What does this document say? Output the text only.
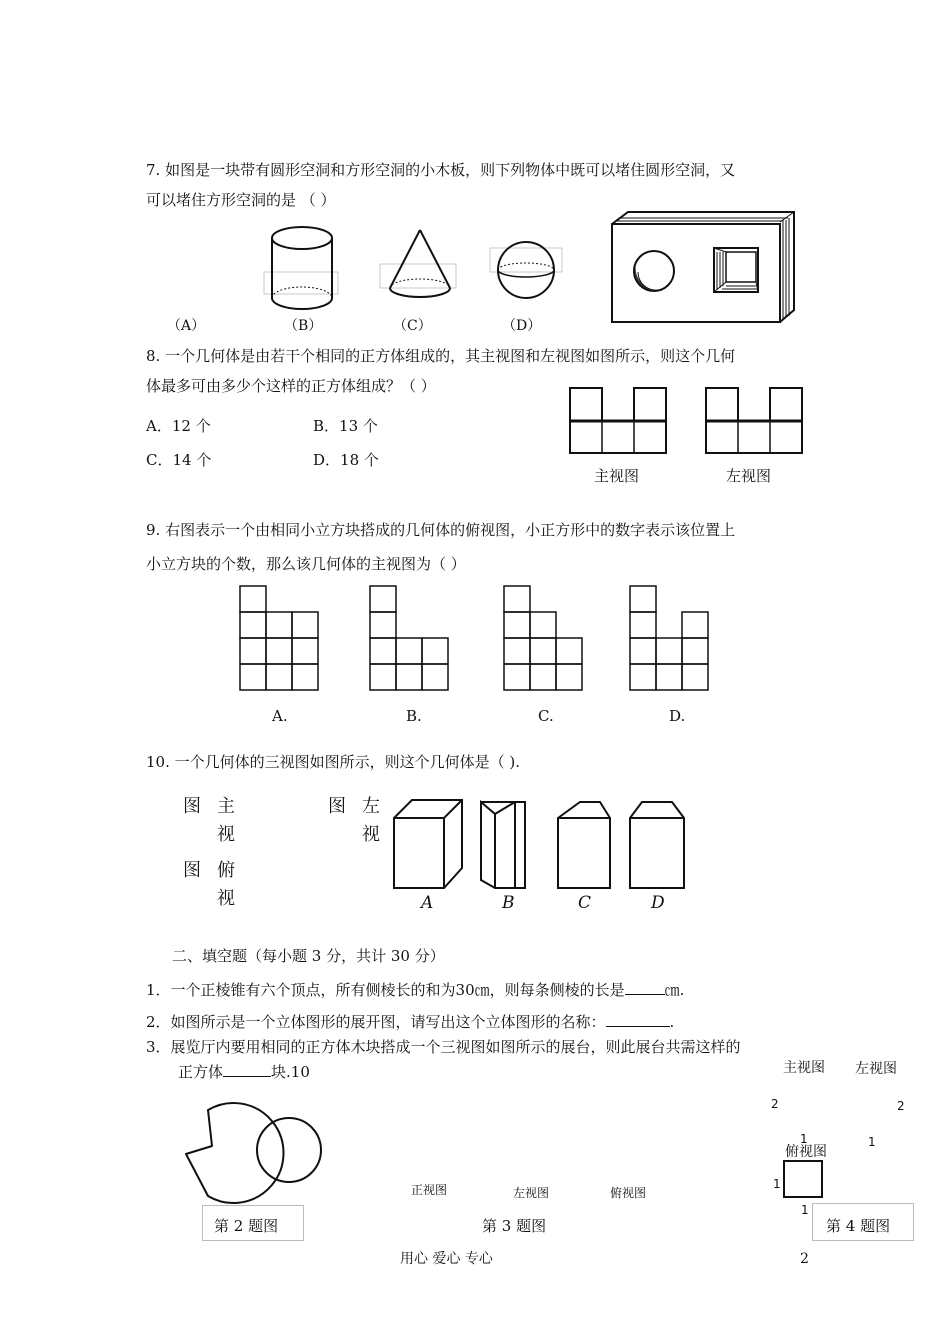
7. 如图是一块带有圆形空洞和方形空洞的小木板，则下列物体中既可以堵住圆形空洞，又
可以堵住方形空洞的是 （ ）
（A）	（B）	（C）	（D）
8. 一个几何体是由若干个相同的正方体组成的，其主视图和左视图如图所示，则这个几何
体最多可由多少个这样的正方体组成？（ ）
A．12 个	B．13 个
C．14 个	D．18 个
主视图	左视图
9. 右图表示一个由相同小立方块搭成的几何体的俯视图，小正方形中的数字表示该位置上
小立方块的个数，那么该几何体的主视图为（ ）
A.	B.	C.	D.
10. 一个几何体的三视图如图所示，则这个几何体是（ ).
图 主
视
图 左
视
图 俯
视	A	B	C	D
二、填空题（每小题 3 分，共计 30 分）
1．一个正棱锥有六个顶点，所有侧棱长的和为30㎝，则每条侧棱的长是	㎝.
2．如图所示是一个立体图形的展开图，请写出这个立体图形的名称：	.
3．展览厅内要用相同的正方体木块搭成一个三视图如图所示的展台，则此展台共需这样的
正方体	块.10
第 2 题图
正视图	左视图	俯视图
第 3 题图
主视图 左视图
2	2
1	1
俯视图
1
1
第 4 题图
用心 爱心 专心	2
